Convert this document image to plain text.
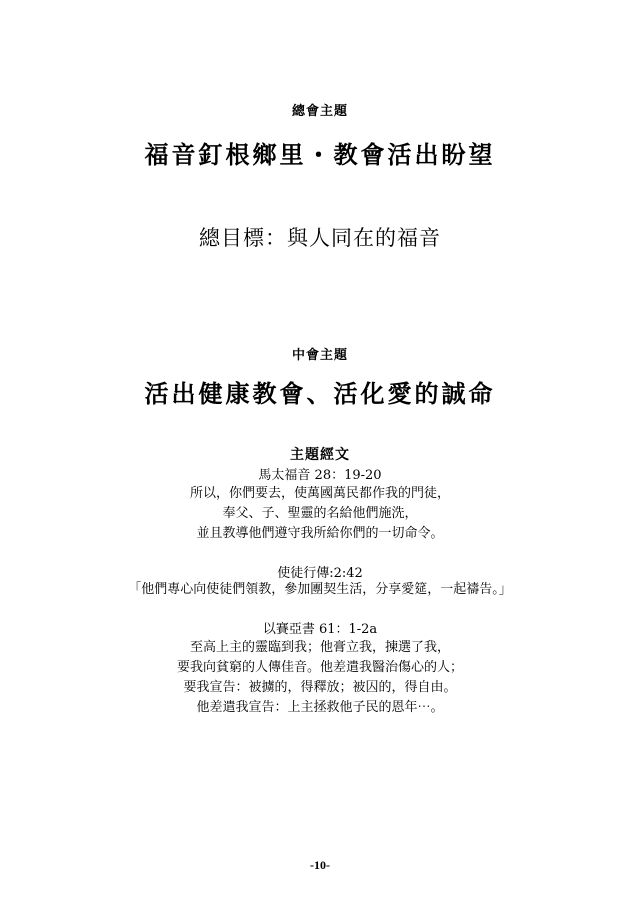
總會主題
福音釘根鄉里・教會活出盼望
總目標：與人同在的福音
中會主題
活出健康教會、活化愛的誠命
主題經文
馬太福音 28：19-20
所以，你們要去，使萬國萬民都作我的門徒，
奉父、子、聖靈的名給他們施洗，
並且教導他們遵守我所給你們的一切命令。
使徒行傳:2:42
「他們專心向使徒們領教，參加團契生活，分享愛筵，一起禱告。」
以賽亞書 61：1-2a
至高上主的靈臨到我；他膏立我，揀選了我，
要我向貧窮的人傳佳音。他差遣我醫治傷心的人；
要我宣告：被擄的，得釋放；被囚的，得自由。
他差遣我宣告：上主拯救他子民的恩年⋯。
-10-
